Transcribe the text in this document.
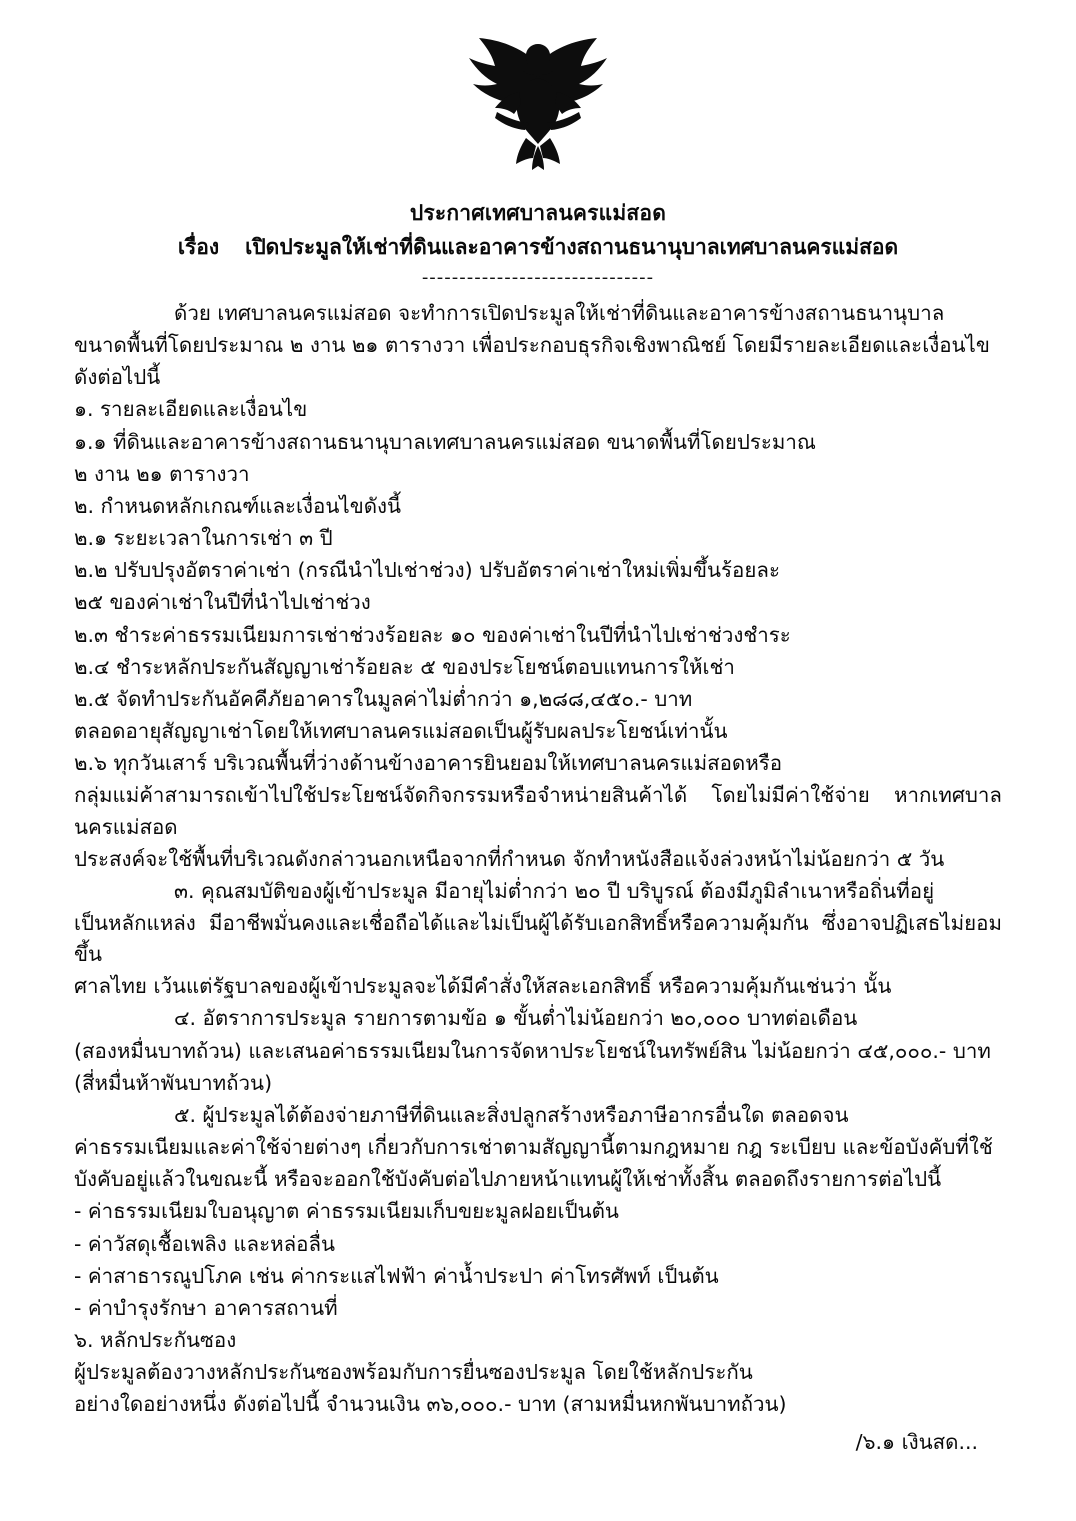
ประกาศเทศบาลนครแม่สอด
เรื่อง เปิดประมูลให้เช่าที่ดินและอาคารข้างสถานธนานุบาลเทศบาลนครแม่สอด
-------------------------------

ด้วย เทศบาลนครแม่สอด จะทำการเปิดประมูลให้เช่าที่ดินและอาคารข้างสถานธนานุบาล

ขนาดพื้นที่โดยประมาณ ๒ งาน ๒๑ ตารางวา เพื่อประกอบธุรกิจเชิงพาณิชย์ โดยมีรายละเอียดและเงื่อนไข

ดังต่อไปนี้

๑. รายละเอียดและเงื่อนไข

๑.๑ ที่ดินและอาคารข้างสถานธนานุบาลเทศบาลนครแม่สอด ขนาดพื้นที่โดยประมาณ

๒ งาน ๒๑ ตารางวา

๒. กำหนดหลักเกณฑ์และเงื่อนไขดังนี้

๒.๑ ระยะเวลาในการเช่า ๓ ปี

๒.๒ ปรับปรุงอัตราค่าเช่า (กรณีนำไปเช่าช่วง) ปรับอัตราค่าเช่าใหม่เพิ่มขึ้นร้อยละ

๒๕ ของค่าเช่าในปีที่นำไปเช่าช่วง

๒.๓ ชำระค่าธรรมเนียมการเช่าช่วงร้อยละ ๑๐ ของค่าเช่าในปีที่นำไปเช่าช่วงชำระ

๒.๔ ชำระหลักประกันสัญญาเช่าร้อยละ ๕ ของประโยชน์ตอบแทนการให้เช่า

๒.๕ จัดทำประกันอัคคีภัยอาคารในมูลค่าไม่ต่ำกว่า ๑,๒๘๘,๔๕๐.- บาท

ตลอดอายุสัญญาเช่าโดยให้เทศบาลนครแม่สอดเป็นผู้รับผลประโยชน์เท่านั้น

๒.๖ ทุกวันเสาร์ บริเวณพื้นที่ว่างด้านข้างอาคารยินยอมให้เทศบาลนครแม่สอดหรือ

กลุ่มแม่ค้าสามารถเข้าไปใช้ประโยชน์จัดกิจกรรมหรือจำหน่ายสินค้าได้ โดยไม่มีค่าใช้จ่าย หากเทศบาลนครแม่สอด

ประสงค์จะใช้พื้นที่บริเวณดังกล่าวนอกเหนือจากที่กำหนด จักทำหนังสือแจ้งล่วงหน้าไม่น้อยกว่า ๕ วัน

๓. คุณสมบัติของผู้เข้าประมูล มีอายุไม่ต่ำกว่า ๒๐ ปี บริบูรณ์ ต้องมีภูมิลำเนาหรือถิ่นที่อยู่

เป็นหลักแหล่ง มีอาชีพมั่นคงและเชื่อถือได้และไม่เป็นผู้ได้รับเอกสิทธิ์หรือความคุ้มกัน ซึ่งอาจปฏิเสธไม่ยอมขึ้น

ศาลไทย เว้นแต่รัฐบาลของผู้เข้าประมูลจะได้มีคำสั่งให้สละเอกสิทธิ์ หรือความคุ้มกันเช่นว่า นั้น

๔. อัตราการประมูล รายการตามข้อ ๑ ขั้นต่ำไม่น้อยกว่า ๒๐,๐๐๐ บาทต่อเดือน

(สองหมื่นบาทถ้วน) และเสนอค่าธรรมเนียมในการจัดหาประโยชน์ในทรัพย์สิน ไม่น้อยกว่า ๔๕,๐๐๐.- บาท

(สี่หมื่นห้าพันบาทถ้วน)

๕. ผู้ประมูลได้ต้องจ่ายภาษีที่ดินและสิ่งปลูกสร้างหรือภาษีอากรอื่นใด ตลอดจน

ค่าธรรมเนียมและค่าใช้จ่ายต่างๆ เกี่ยวกับการเช่าตามสัญญานี้ตามกฎหมาย กฎ ระเบียบ และข้อบังคับที่ใช้

บังคับอยู่แล้วในขณะนี้ หรือจะออกใช้บังคับต่อไปภายหน้าแทนผู้ให้เช่าทั้งสิ้น ตลอดถึงรายการต่อไปนี้

- ค่าธรรมเนียมใบอนุญาต ค่าธรรมเนียมเก็บขยะมูลฝอยเป็นต้น

- ค่าวัสดุเชื้อเพลิง และหล่อลื่น

- ค่าสาธารณูปโภค เช่น ค่ากระแสไฟฟ้า ค่าน้ำประปา ค่าโทรศัพท์ เป็นต้น

- ค่าบำรุงรักษา อาคารสถานที่

๖. หลักประกันซอง

ผู้ประมูลต้องวางหลักประกันซองพร้อมกับการยื่นซองประมูล โดยใช้หลักประกัน

อย่างใดอย่างหนึ่ง ดังต่อไปนี้ จำนวนเงิน ๓๖,๐๐๐.- บาท (สามหมื่นหกพันบาทถ้วน)

/๖.๑ เงินสด...
